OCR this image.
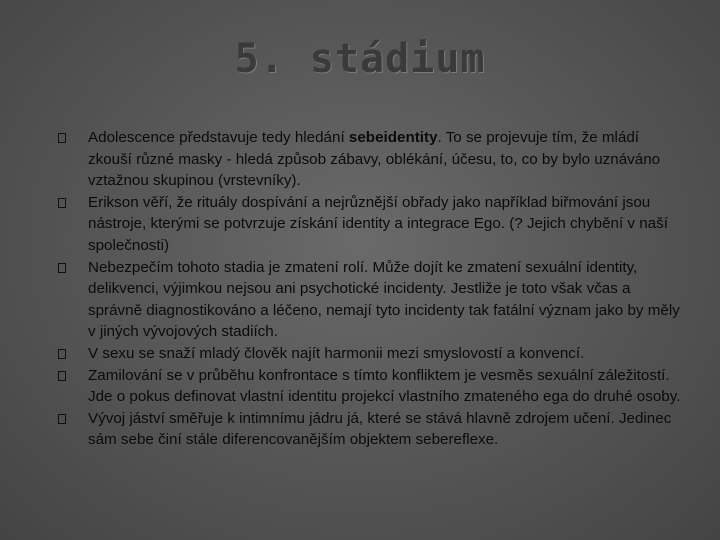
5. stádium
Adolescence představuje tedy hledání sebeidentity. To se projevuje tím, že mládí zkouší různé masky - hledá způsob zábavy, oblékání, účesu, to, co by bylo uznáváno vztažnou skupinou (vrstevníky).
Erikson věří, že rituály dospívání a nejrůznější obřady jako například biřmování jsou nástroje, kterými se potvrzuje získání identity a integrace Ego. (? Jejich chybění v naší společnosti)
Nebezpečím tohoto stadia je zmatení rolí. Může dojít ke zmatení sexuální identity, delikvenci, výjimkou nejsou ani psychotické incidenty. Jestliže je toto však včas a správně diagnostikováno a léčeno, nemají tyto incidenty tak fatální význam jako by měly v jiných vývojových stadiích.
V sexu se snaží mladý člověk najít harmonii mezi smyslovostí a konvencí.
Zamilování se v průběhu konfrontace s tímto konfliktem je vesměs sexuální záležitostí. Jde o pokus definovat vlastní identitu projekcí vlastního zmateného ega do druhé osoby.
Vývoj jáství směřuje k intimnímu jádru já, které se stává hlavně zdrojem učení. Jedinec sám sebe činí stále diferencovanějším objektem sebereflexe.
